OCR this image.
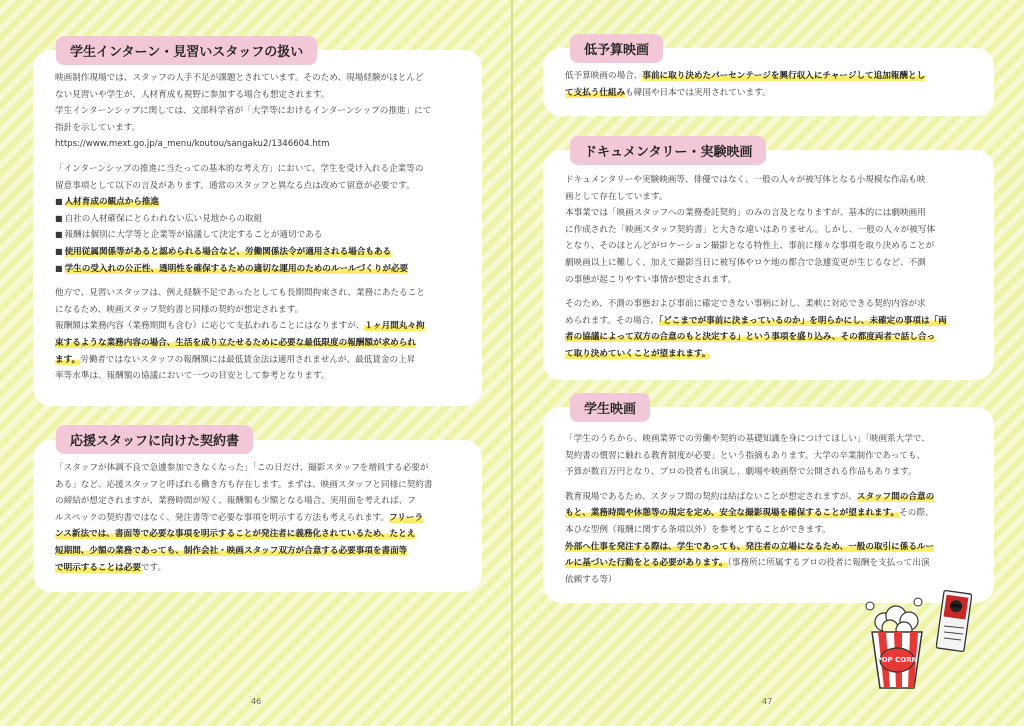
学生インターン・見習いスタッフの扱い

映画制作現場では、スタッフの人手不足が課題とされています。そのため、現場経験がほとんど

ない見習いや学生が、人材育成も視野に参加する場合も想定されます。

学生インターンシップに関しては、文部科学省が「大学等におけるインターンシップの推進」にて

指針を示しています。

https://www.mext.go.jp/a_menu/koutou/sangaku2/1346604.htm

「インターンシップの推進に当たっての基本的な考え方」において、学生を受け入れる企業等の

留意事項として以下の言及があります。通常のスタッフと異なる点は改めて留意が必要です。

■ 人材育成の観点から推進

■ 自社の人材確保にとらわれない広い見地からの取組

■ 報酬は個別に大学等と企業等が協議して決定することが適切である

■ 使用従属関係等があると認められる場合など、労働関係法令が適用される場合もある

■ 学生の受入れの公正性、透明性を確保するための適切な運用のためのルールづくりが必要

他方で、見習いスタッフは、例え経験不足であったとしても長期間拘束され、業務にあたること

になるため、映画スタッフ契約書と同様の契約が想定されます。

報酬額は業務内容（業務期間も含む）に応じて支払われることにはなりますが、１ヶ月間丸々拘

束するような業務内容の場合、生活を成り立たせるために必要な最低限度の報酬額が求められ

ます。労働者ではないスタッフの報酬額には最低賃金法は適用されませんが、最低賃金の上昇

率等水準は、報酬額の協議において一つの目安として参考となります。

応援スタッフに向けた契約書

「スタッフが体調不良で急遽参加できなくなった」「この日だけ、撮影スタッフを増員する必要が

ある」など、応援スタッフと呼ばれる働き方も存在します。まずは、映画スタッフと同様に契約書

の締結が想定されますが、業務時間が短く、報酬額も少額となる場合、実用面を考えれば、フ

ルスペックの契約書ではなく、発注書等で必要な事項を明示する方法も考えられます。フリーラ

ンス新法では、書面等で必要な事項を明示することが発注者に義務化されているため、たとえ

短期間、少額の業務であっても、制作会社・映画スタッフ双方が合意する必要事項を書面等

で明示することは必要です。

46
低予算映画

低予算映画の場合、事前に取り決めたパーセンテージを興行収入にチャージして追加報酬とし

て支払う仕組みも韓国や日本では実用されています。

ドキュメンタリー・実験映画

ドキュメンタリーや実験映画等、俳優ではなく、一般の人々が被写体となる小規模な作品も映

画として存在しています。

本事業では「映画スタッフへの業務委託契約」のみの言及となりますが、基本的には劇映画用

に作成された「映画スタッフ契約書」と大きな違いはありません。しかし、一般の人々が被写体

となり、そのほとんどがロケーション撮影となる特性上、事前に様々な事項を取り決めることが

劇映画以上に難しく、加えて撮影当日に被写体やロケ地の都合で急遽変更が生じるなど、不測

の事態が起こりやすい事情が想定されます。

そのため、不測の事態および事前に確定できない事柄に対し、柔軟に対応できる契約内容が求

められます。その場合、「どこまでが事前に決まっているのか」を明らかにし、未確定の事項は「両

者の協議によって双方の合意のもと決定する」という事項を盛り込み、その都度両者で話し合っ

て取り決めていくことが望まれます。

学生映画

「学生のうちから、映画業界での労働や契約の基礎知識を身につけてほしい」「映画系大学で、

契約書の慣習に触れる教育制度が必要」という指摘もあります。大学の卒業制作であっても、

予算が数百万円となり、プロの役者も出演し、劇場や映画祭で公開される作品もあります。

教育現場であるため、スタッフ間の契約は結ばないことが想定されますが、スタッフ間の合意の

もと、業務時間や休憩等の規定を定め、安全な撮影現場を確保することが望まれます。その際、

本ひな型例（報酬に関する条項以外）を参考とすることができます。

外部へ仕事を発注する際は、学生であっても、発注者の立場になるため、一般の取引に係るルー

ルに基づいた行動をとる必要があります。（事務所に所属するプロの役者に報酬を支払って出演

依頼する等）

POP CORN
47
